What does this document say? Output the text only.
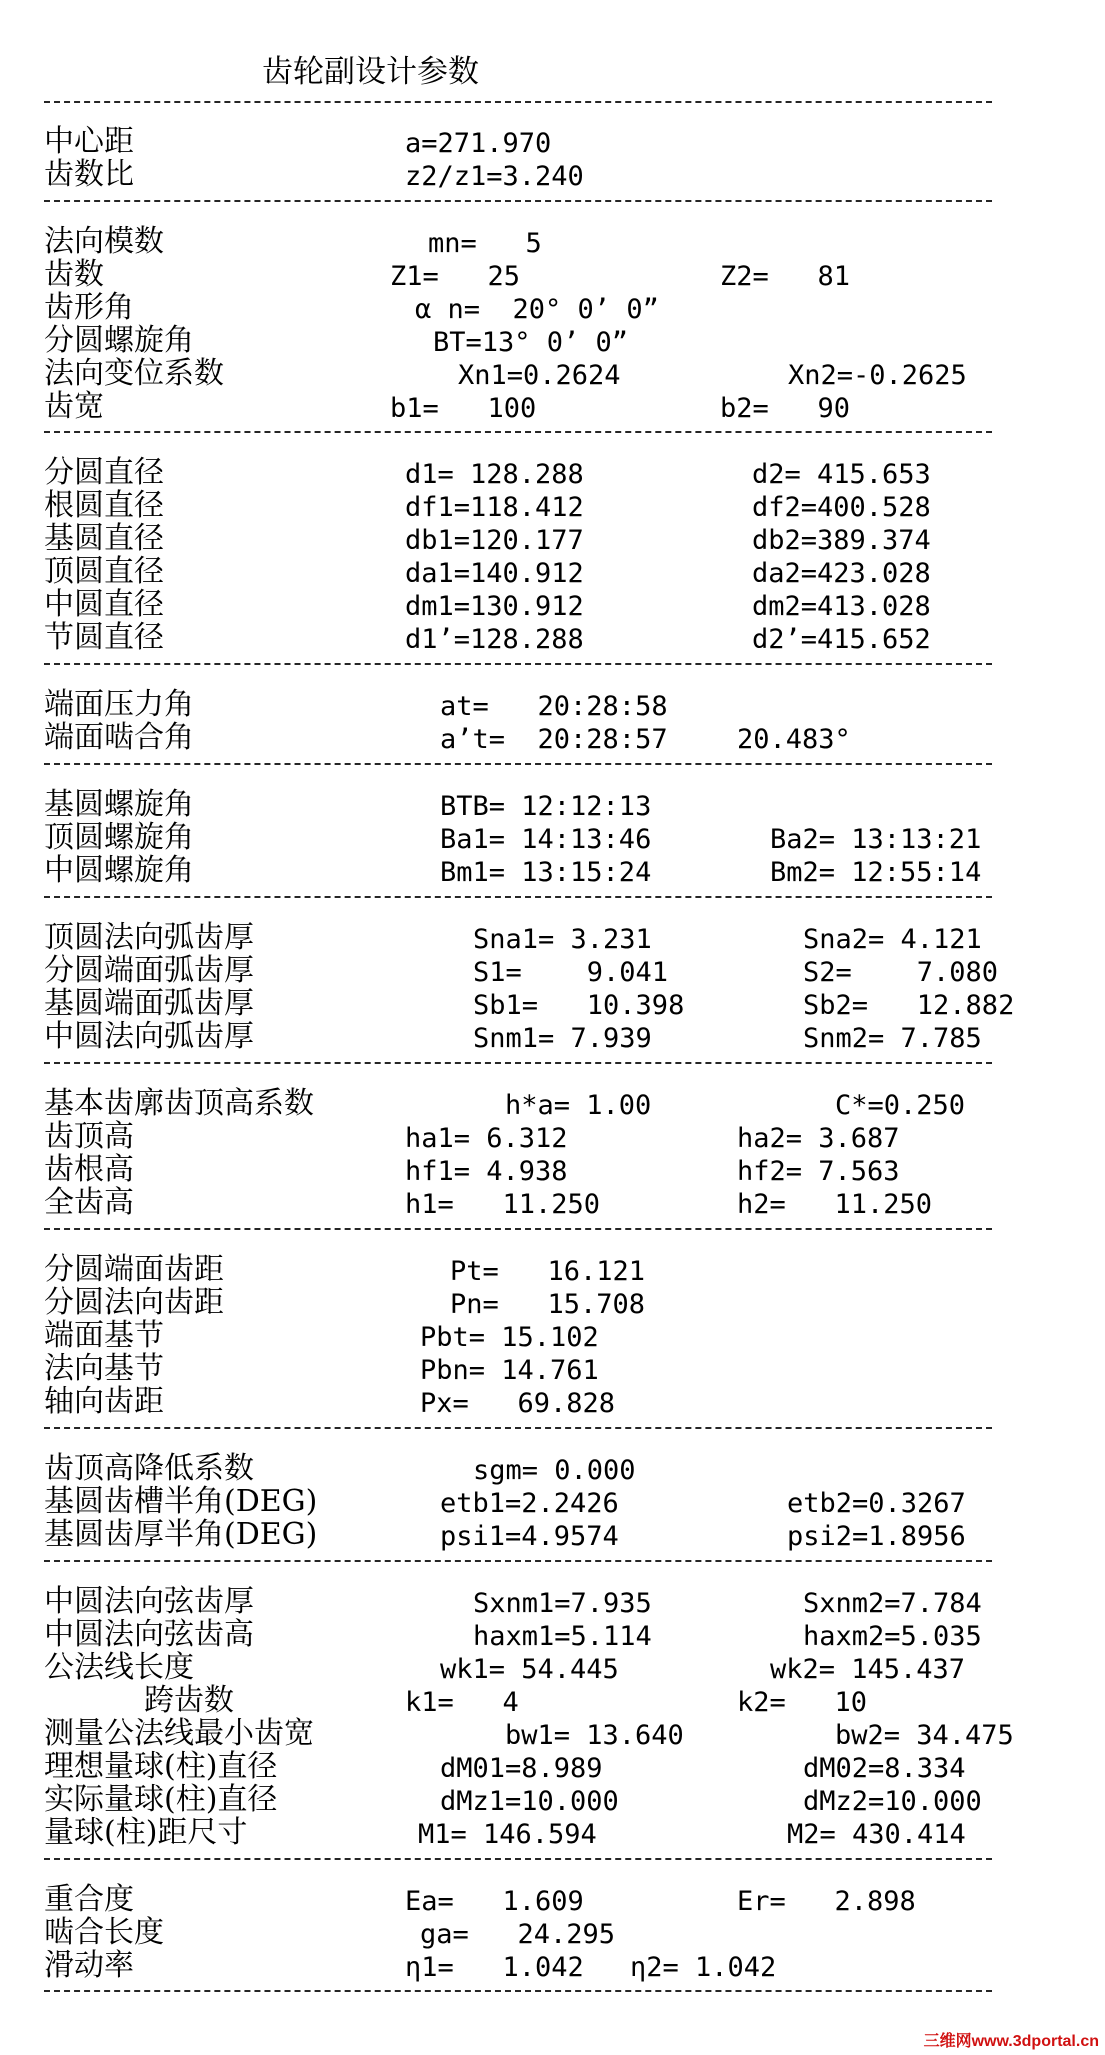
齿轮副设计参数
中心距	a=271.970
齿数比	z2/z1=3.240
法向模数	mn=   5
齿数	Z1=   25	Z2=   81
齿形角	α n=  20° 0’ 0”
分圆螺旋角	BT=13° 0’ 0”
法向变位系数	Xn1=0.2624	Xn2=-0.2625
齿宽	b1=   100	b2=   90
分圆直径	d1= 128.288	d2= 415.653
根圆直径	df1=118.412	df2=400.528
基圆直径	db1=120.177	db2=389.374
顶圆直径	da1=140.912	da2=423.028
中圆直径	dm1=130.912	dm2=413.028
节圆直径	d1’=128.288	d2’=415.652
端面压力角	at=   20:28:58
端面啮合角	a’t=  20:28:57	20.483°
基圆螺旋角	BTB= 12:12:13
顶圆螺旋角	Ba1= 14:13:46	Ba2= 13:13:21
中圆螺旋角	Bm1= 13:15:24	Bm2= 12:55:14
顶圆法向弧齿厚	Sna1= 3.231	Sna2= 4.121
分圆端面弧齿厚	S1=    9.041	S2=    7.080
基圆端面弧齿厚	Sb1=   10.398	Sb2=   12.882
中圆法向弧齿厚	Snm1= 7.939	Snm2= 7.785
基本齿廓齿顶高系数	h*a= 1.00	C*=0.250
齿顶高	ha1= 6.312	ha2= 3.687
齿根高	hf1= 4.938	hf2= 7.563
全齿高	h1=   11.250	h2=   11.250
分圆端面齿距	Pt=   16.121
分圆法向齿距	Pn=   15.708
端面基节	Pbt= 15.102
法向基节	Pbn= 14.761
轴向齿距	Px=   69.828
齿顶高降低系数	sgm= 0.000
基圆齿槽半角(DEG)	etb1=2.2426	etb2=0.3267
基圆齿厚半角(DEG)	psi1=4.9574	psi2=1.8956
中圆法向弦齿厚	Sxnm1=7.935	Sxnm2=7.784
中圆法向弦齿高	haxm1=5.114	haxm2=5.035
公法线长度	wk1= 54.445	wk2= 145.437
跨齿数	k1=   4	k2=   10
测量公法线最小齿宽	bw1= 13.640	bw2= 34.475
理想量球(柱)直径	dM01=8.989	dM02=8.334
实际量球(柱)直径	dMz1=10.000	dMz2=10.000
量球(柱)距尺寸	M1= 146.594	M2= 430.414
重合度	Ea=   1.609	Er=   2.898
啮合长度	ga=   24.295
滑动率	η1=   1.042 η2= 1.042
三维网www.3dportal.cn
